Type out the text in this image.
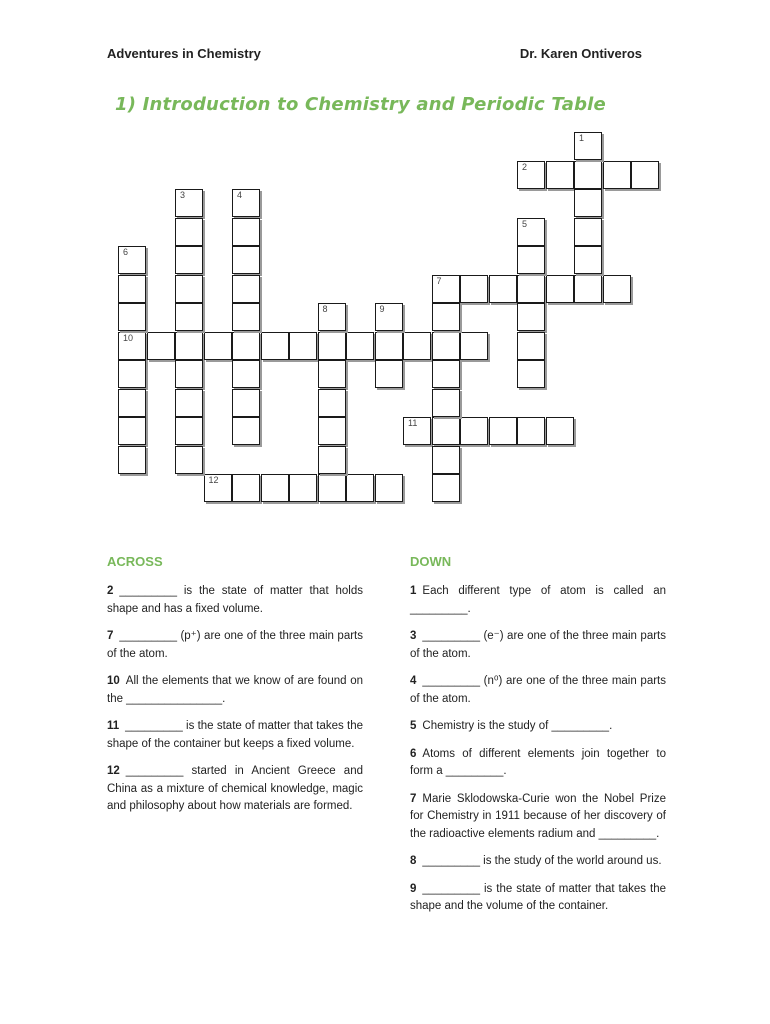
Adventures in Chemistry	Dr. Karen Ontiveros
1) Introduction to Chemistry and Periodic Table
2
7
10
11
12
1
3	4
5
6
8	9
ACROSS	DOWN
2 _________ is the state of matter that holds shape and has a fixed volume.
7 _________ (p⁺) are one of the three main parts of the atom.
10 All the elements that we know of are found on the _______________.
11 _________ is the state of matter that takes the shape of the container but keeps a fixed volume.
12 _________ started in Ancient Greece and China as a mixture of chemical knowledge, magic and philosophy about how materials are formed.
1 Each different type of atom is called an _________.
3 _________ (e⁻) are one of the three main parts of the atom.
4 _________ (n⁰) are one of the three main parts of the atom.
5 Chemistry is the study of _________.
6 Atoms of different elements join together to form a _________.
7 Marie Sklodowska-Curie won the Nobel Prize for Chemistry in 1911 because of her discovery of the radioactive elements radium and _________.
8 _________ is the study of the world around us.
9 _________ is the state of matter that takes the shape and the volume of the container.
